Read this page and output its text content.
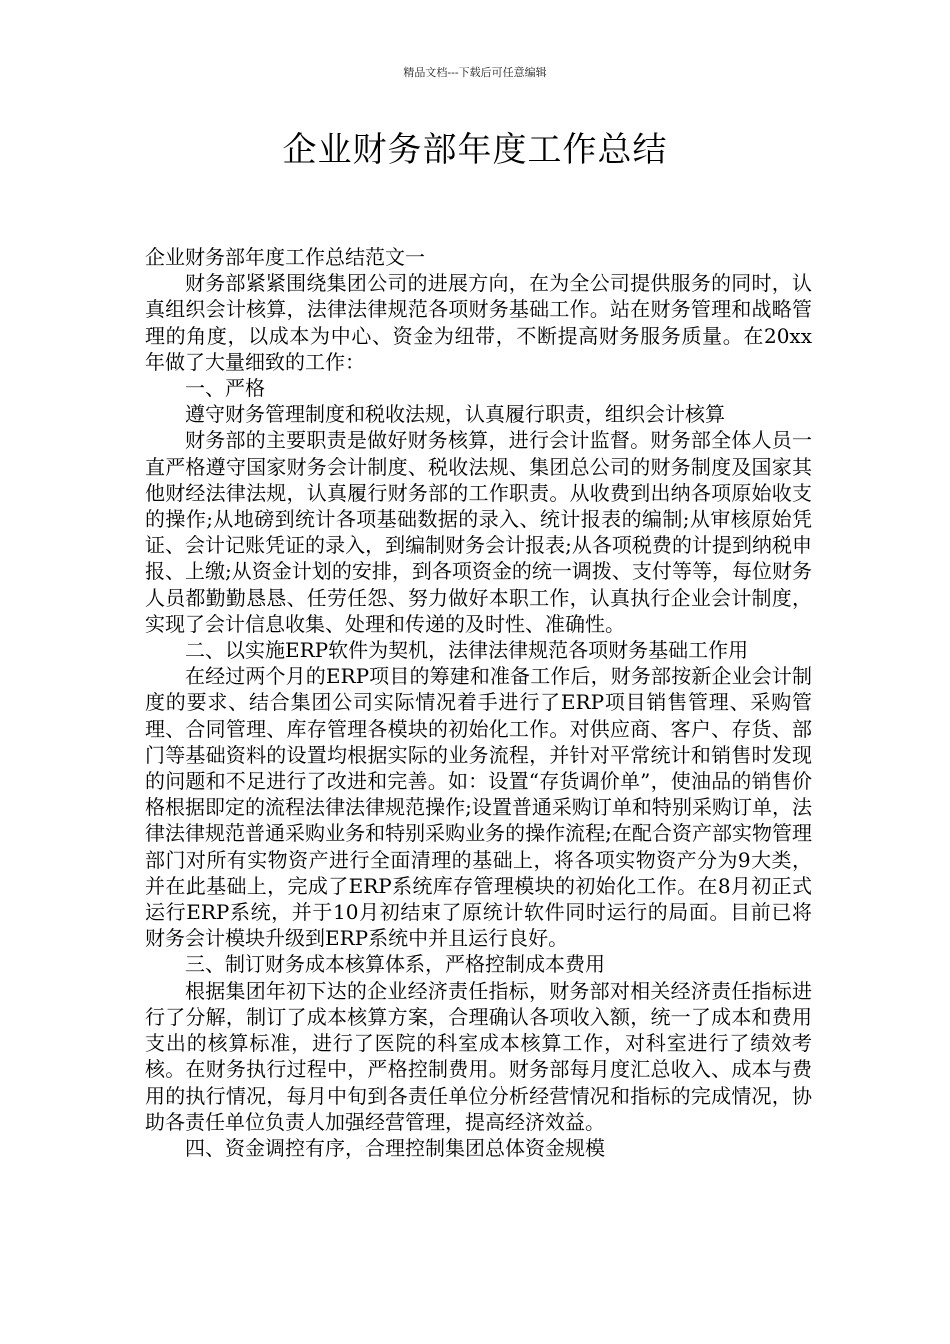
精品文档---下载后可任意编辑
企业财务部年度工作总结

企业财务部年度工作总结范文一

财务部紧紧围绕集团公司的进展方向，在为全公司提供服务的同时，认真组织会计核算，法律法律规范各项财务基础工作。站在财务管理和战略管理的角度，以成本为中心、资金为纽带，不断提高财务服务质量。在20xx年做了大量细致的工作：

一、严格

遵守财务管理制度和税收法规，认真履行职责，组织会计核算

财务部的主要职责是做好财务核算，进行会计监督。财务部全体人员一直严格遵守国家财务会计制度、税收法规、集团总公司的财务制度及国家其他财经法律法规，认真履行财务部的工作职责。从收费到出纳各项原始收支的操作;从地磅到统计各项基础数据的录入、统计报表的编制;从审核原始凭证、会计记账凭证的录入，到编制财务会计报表;从各项税费的计提到纳税申报、上缴;从资金计划的安排，到各项资金的统一调拨、支付等等，每位财务人员都勤勤恳恳、任劳任怨、努力做好本职工作，认真执行企业会计制度，实现了会计信息收集、处理和传递的及时性、准确性。

二、以实施ERP软件为契机，法律法律规范各项财务基础工作用

在经过两个月的ERP项目的筹建和准备工作后，财务部按新企业会计制度的要求、结合集团公司实际情况着手进行了ERP项目销售管理、采购管理、合同管理、库存管理各模块的初始化工作。对供应商、客户、存货、部门等基础资料的设置均根据实际的业务流程，并针对平常统计和销售时发现的问题和不足进行了改进和完善。如：设置“存货调价单”，使油品的销售价格根据即定的流程法律法律规范操作;设置普通采购订单和特别采购订单，法律法律规范普通采购业务和特别采购业务的操作流程;在配合资产部实物管理部门对所有实物资产进行全面清理的基础上，将各项实物资产分为9大类，并在此基础上，完成了ERP系统库存管理模块的初始化工作。在8月初正式运行ERP系统，并于10月初结束了原统计软件同时运行的局面。目前已将财务会计模块升级到ERP系统中并且运行良好。

三、制订财务成本核算体系，严格控制成本费用

根据集团年初下达的企业经济责任指标，财务部对相关经济责任指标进行了分解，制订了成本核算方案，合理确认各项收入额，统一了成本和费用支出的核算标准，进行了医院的科室成本核算工作，对科室进行了绩效考核。在财务执行过程中，严格控制费用。财务部每月度汇总收入、成本与费用的执行情况，每月中旬到各责任单位分析经营情况和指标的完成情况，协助各责任单位负责人加强经营管理，提高经济效益。

四、资金调控有序，合理控制集团总体资金规模
